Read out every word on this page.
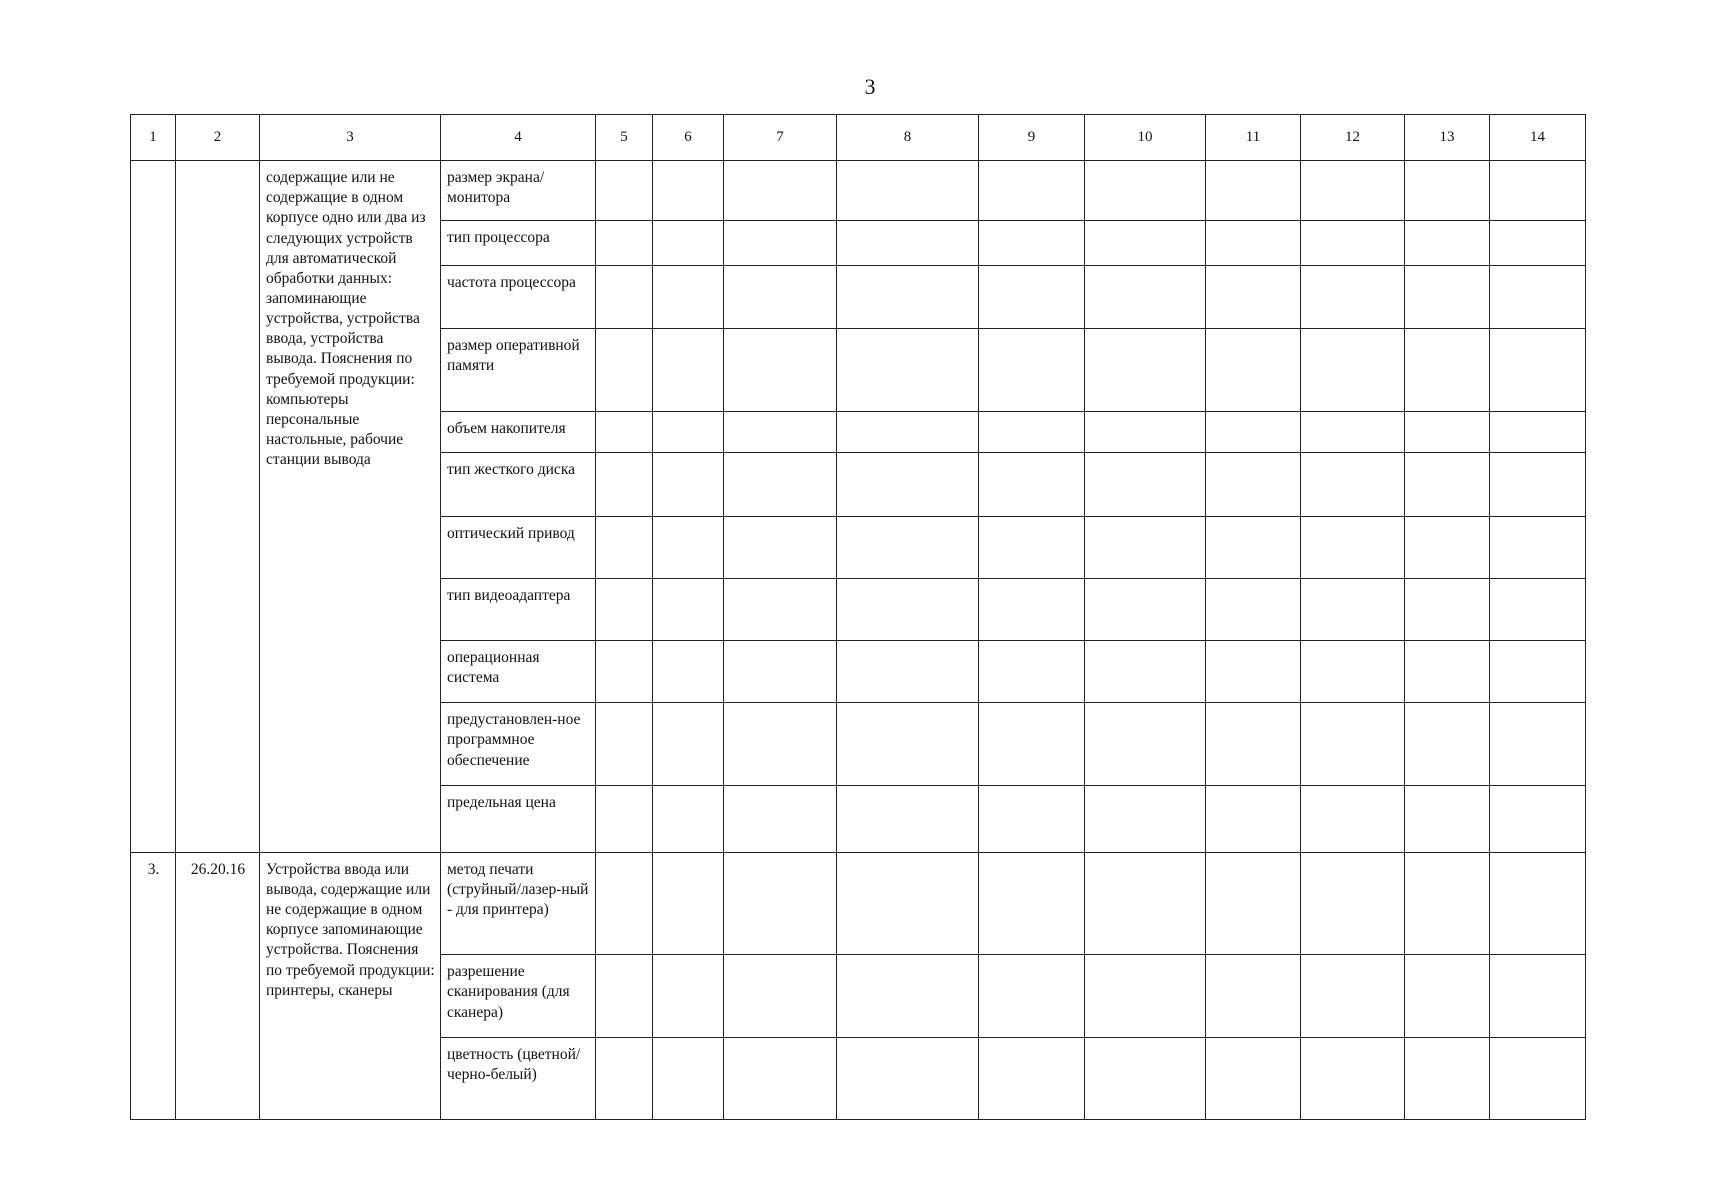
3
1	2	3	4	5	6	7	8	9	10	11	12	13	14
		содержащие или не содержащие в одном корпусе одно или два из следующих устройств для автоматической обработки данных: запоминающие устройства, устройства ввода, устройства вывода. Пояснения по требуемой продукции: компьютеры персональные настольные, рабочие станции вывода	размер экрана/монитора										
			тип процессора										
			частота процессора										
			размер оперативной памяти										
			объем накопителя										
			тип жесткого диска										
			оптический привод										
			тип видеоадаптера										
			операционная система										
			предустановлен-ное программное обеспечение										
			предельная цена										
3.	26.20.16	Устройства ввода или вывода, содержащие или не содержащие в одном корпусе запоминающие устройства. Пояснения по требуемой продукции: принтеры, сканеры	метод печати (струйный/лазер-ный - для принтера)										
			разрешение сканирования (для сканера)										
			цветность (цветной/черно-белый)										
